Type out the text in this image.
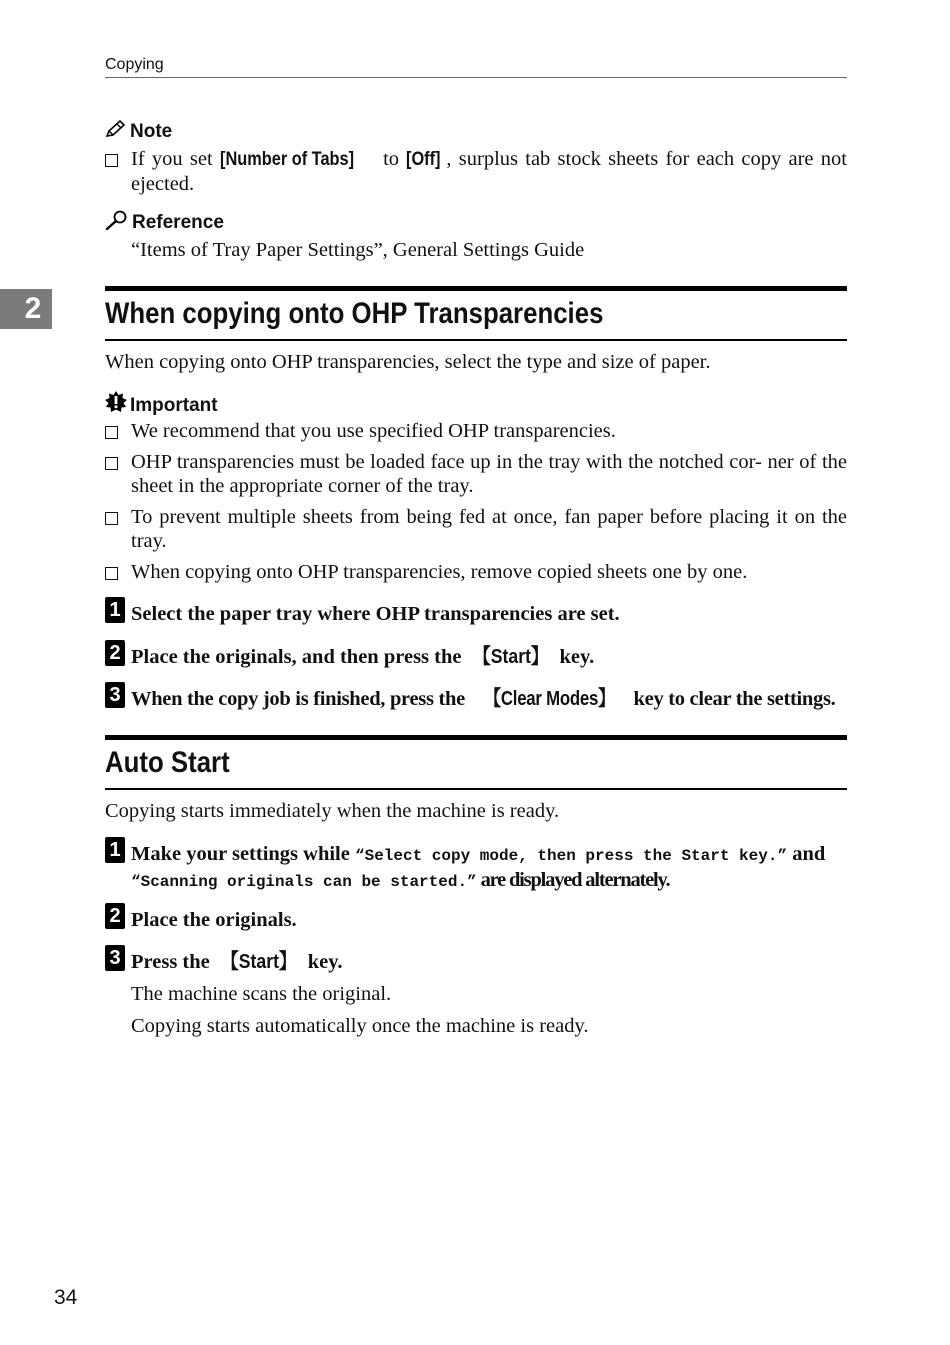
Copying
2
Note
If you set [Number of Tabs] to [Off] , surplus tab stock sheets for each copy are not ejected.
Reference
“Items of Tray Paper Settings”, General Settings Guide
When copying onto OHP Transparencies
When copying onto OHP transparencies, select the type and size of paper.
Important
We recommend that you use specified OHP transparencies.
OHP transparencies must be loaded face up in the tray with the notched cor- ner of the sheet in the appropriate corner of the tray.
To prevent multiple sheets from being fed at once, fan paper before placing it on the tray.
When copying onto OHP transparencies, remove copied sheets one by one.
1 Select the paper tray where OHP transparencies are set.
2 Place the originals, and then press the 【Start】 key.
3 When the copy job is finished, press the 【Clear Modes】 key to clear the settings.
Auto Start
Copying starts immediately when the machine is ready.
1 Make your settings while “Select copy mode, then press the Start key.” and “Scanning originals can be started.” are displayed alternately.
2 Place the originals.
3 Press the 【Start】 key.
The machine scans the original.
Copying starts automatically once the machine is ready.
34
